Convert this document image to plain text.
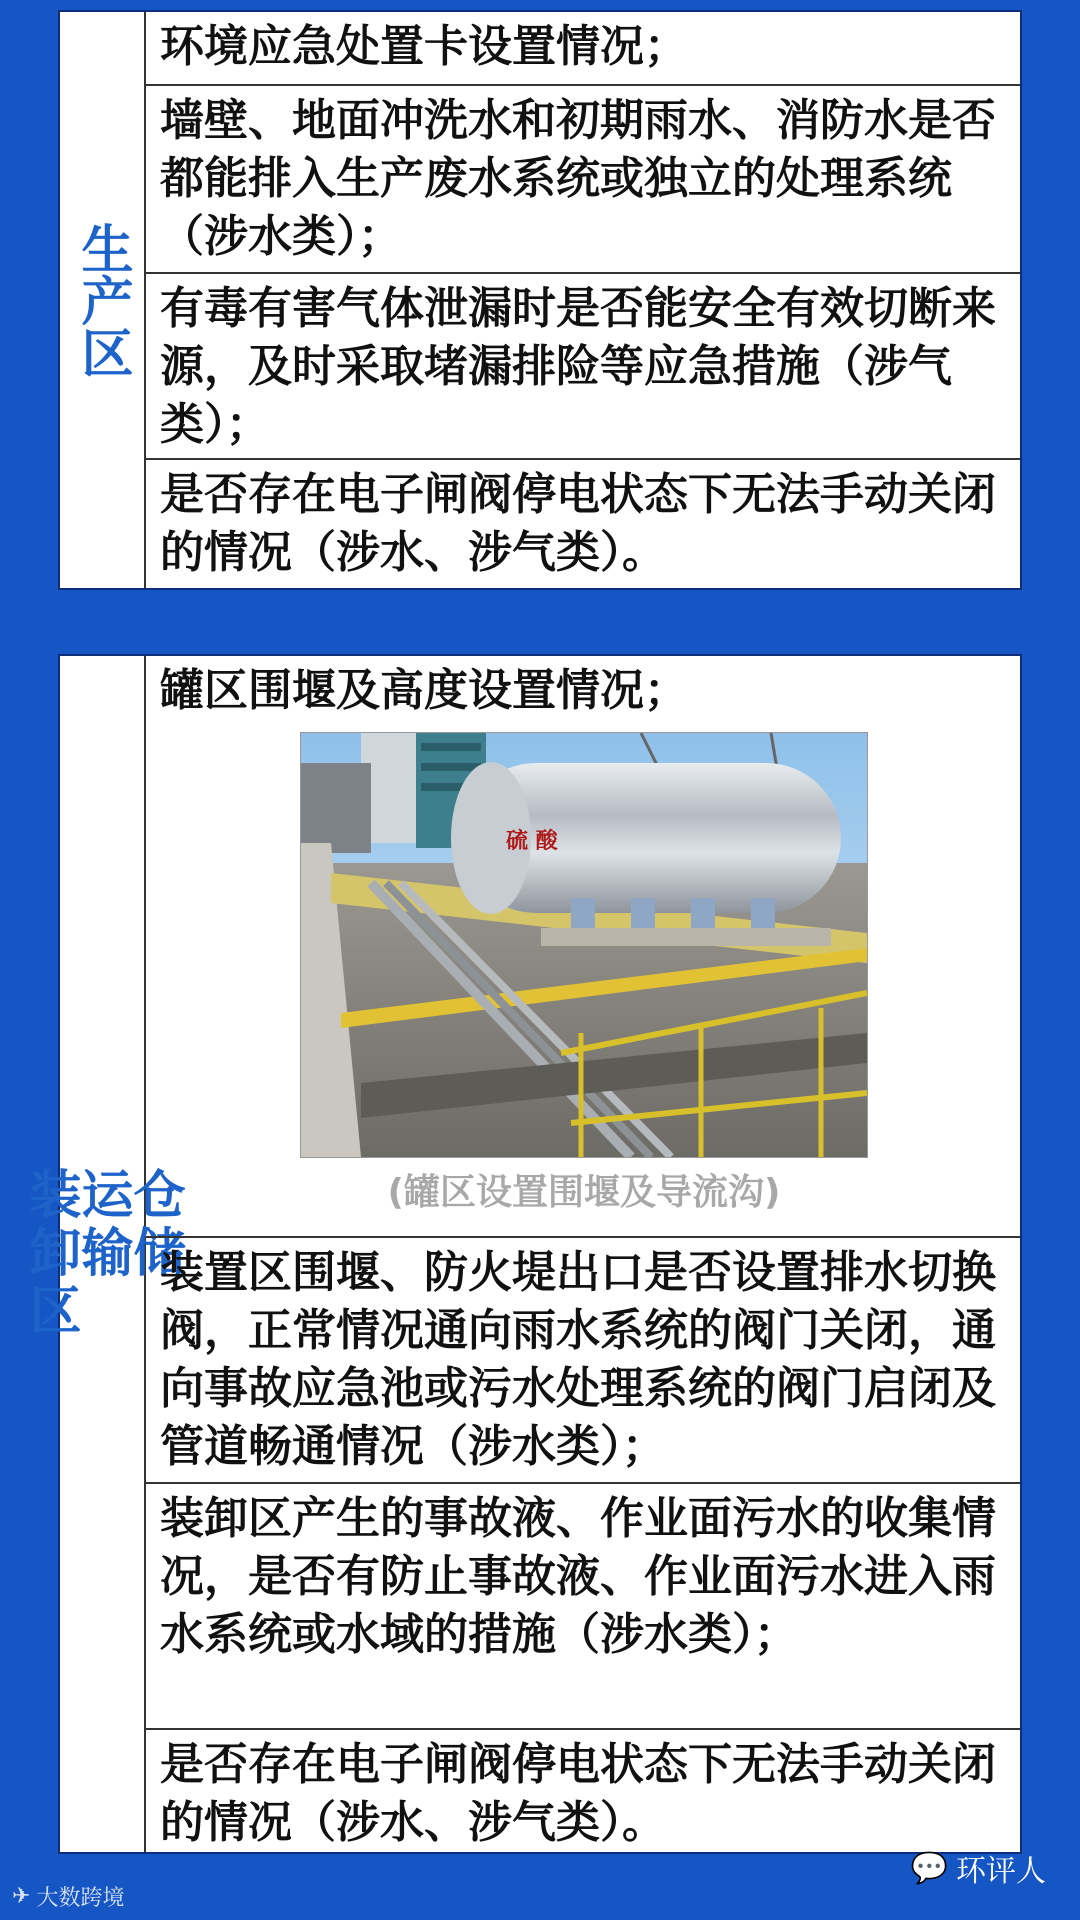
生产区
环境应急处置卡设置情况；
墙壁、地面冲洗水和初期雨水、消防水是否都能排入生产废水系统或独立的处理系统（涉水类）；
有毒有害气体泄漏时是否能安全有效切断来源，及时采取堵漏排险等应急措施（涉气类）；
是否存在电子闸阀停电状态下无法手动关闭的情况（涉水、涉气类）。
仓储
运输
装卸区
罐区围堰及高度设置情况；
硫 酸
(罐区设置围堰及导流沟)
装置区围堰、防火堤出口是否设置排水切换阀，正常情况通向雨水系统的阀门关闭，通向事故应急池或污水处理系统的阀门启闭及管道畅通情况（涉水类）；
装卸区产生的事故液、作业面污水的收集情况，是否有防止事故液、作业面污水进入雨水系统或水域的措施（涉水类）；
是否存在电子闸阀停电状态下无法手动关闭的情况（涉水、涉气类）。
✈ 大数跨境
💬 环评人
